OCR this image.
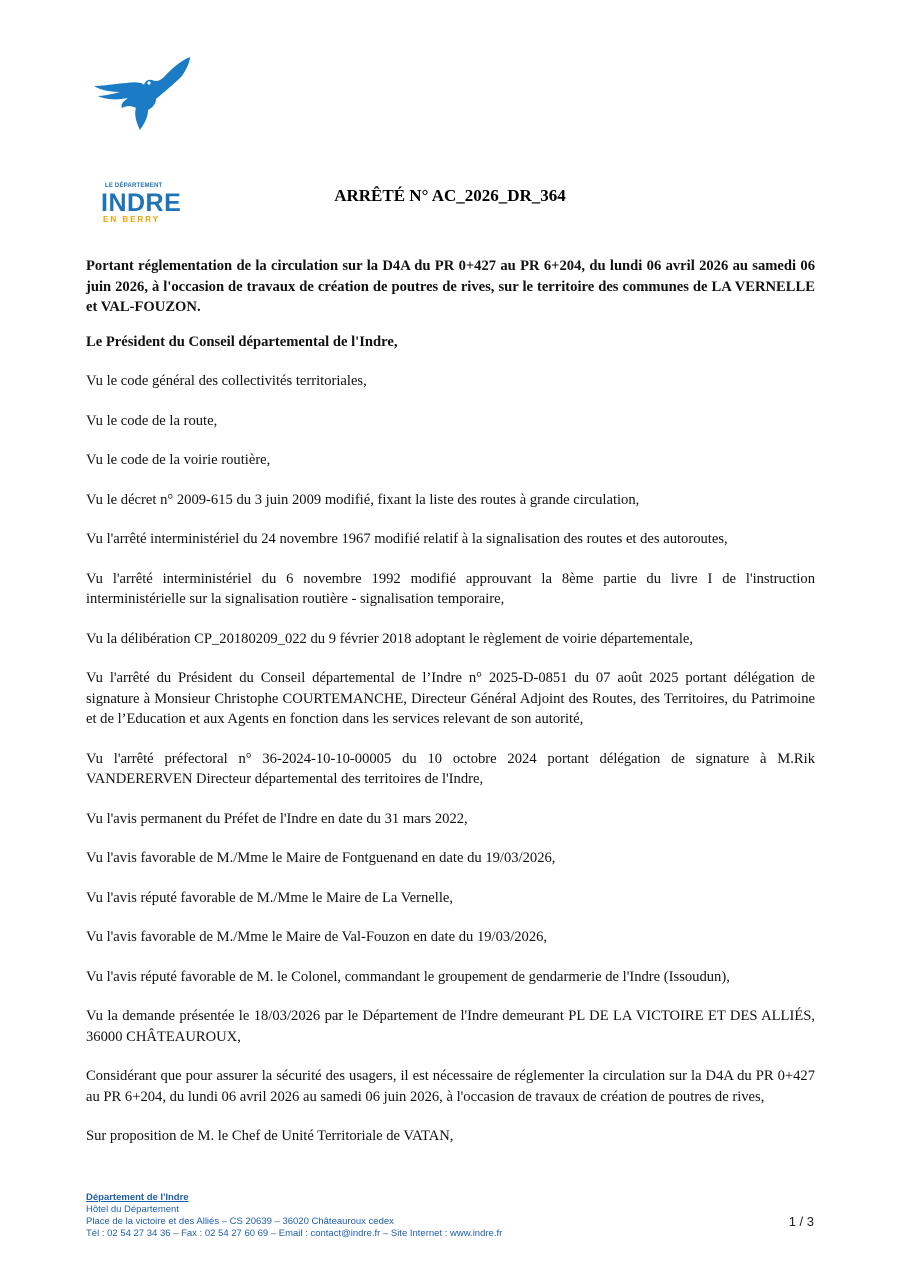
LE DÉPARTEMENT
INDRE
EN BERRY
ARRÊTÉ N° AC_2026_DR_364

Portant réglementation de la circulation sur la D4A du PR 0+427 au PR 6+204, du lundi 06 avril 2026 au samedi 06 juin 2026, à l'occasion de travaux de création de poutres de rives, sur le territoire des communes de LA VERNELLE et VAL-FOUZON.

Le Président du Conseil départemental de l'Indre,

Vu le code général des collectivités territoriales,

Vu le code de la route,

Vu le code de la voirie routière,

Vu le décret n° 2009-615 du 3 juin 2009 modifié, fixant la liste des routes à grande circulation,

Vu l'arrêté interministériel du 24 novembre 1967 modifié relatif à la signalisation des routes et des autoroutes,

Vu l'arrêté interministériel du 6 novembre 1992 modifié approuvant la 8ème partie du livre I de l'instruction interministérielle sur la signalisation routière - signalisation temporaire,

Vu la délibération CP_20180209_022 du 9 février 2018 adoptant le règlement de voirie départementale,

Vu l'arrêté du Président du Conseil départemental de l’Indre n° 2025-D-0851 du 07 août 2025 portant délégation de signature à Monsieur Christophe COURTEMANCHE, Directeur Général Adjoint des Routes, des Territoires, du Patrimoine et de l’Education et aux Agents en fonction dans les services relevant de son autorité,

Vu l'arrêté préfectoral n° 36-2024-10-10-00005 du 10 octobre 2024 portant délégation de signature à M.Rik VANDERERVEN Directeur départemental des territoires de l'Indre,

Vu l'avis permanent du Préfet de l'Indre en date du 31 mars 2022,

Vu l'avis favorable de M./Mme le Maire de Fontguenand en date du 19/03/2026,

Vu l'avis réputé favorable de M./Mme le Maire de La Vernelle,

Vu l'avis favorable de M./Mme le Maire de Val-Fouzon en date du 19/03/2026,

Vu l'avis réputé favorable de M. le Colonel, commandant le groupement de gendarmerie de l'Indre (Issoudun),

Vu la demande présentée le 18/03/2026 par le Département de l'Indre demeurant PL DE LA VICTOIRE ET DES ALLIÉS, 36000 CHÂTEAUROUX,

Considérant que pour assurer la sécurité des usagers, il est nécessaire de réglementer la circulation sur la D4A du PR 0+427 au PR 6+204, du lundi 06 avril 2026 au samedi 06 juin 2026, à l'occasion de travaux de création de poutres de rives,

Sur proposition de M. le Chef de Unité Territoriale de VATAN,

Département de l'Indre
Hôtel du Département
Place de la victoire et des Alliés – CS 20639 – 36020 Châteauroux cedex
Tél : 02 54 27 34 36 – Fax : 02 54 27 60 69 – Email : contact@indre.fr – Site Internet : www.indre.fr
1 / 3
